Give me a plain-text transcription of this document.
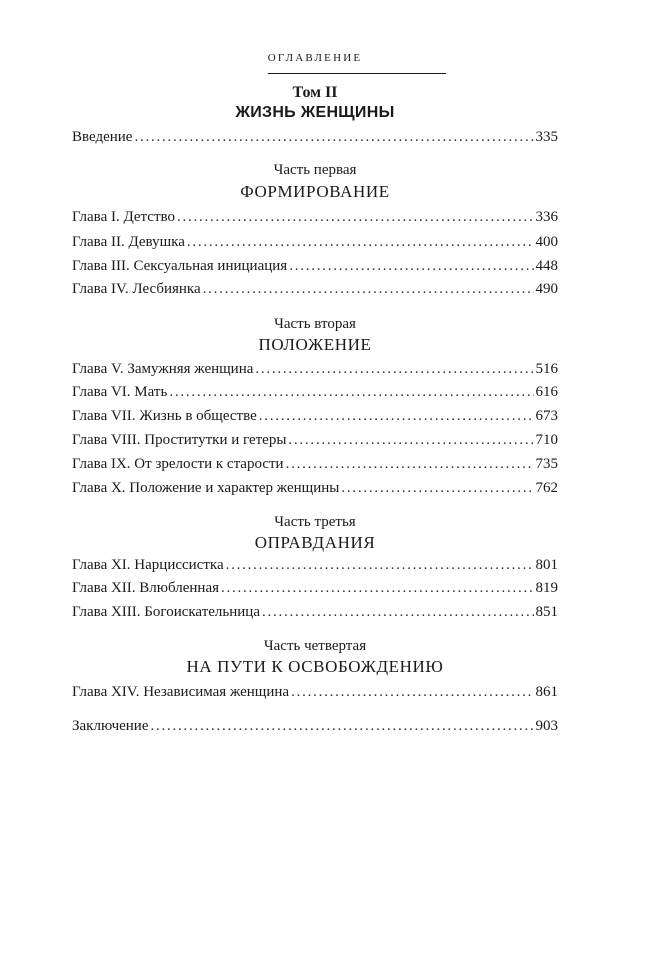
ОГЛАВЛЕНИЕ
Том II
ЖИЗНЬ ЖЕНЩИНЫ
Введение . . .	335
Часть первая
ФОРМИРОВАНИЕ
Глава I. Детство . . .	336
Глава II. Девушка . . .	400
Глава III. Сексуальная инициация . . .	448
Глава IV. Лесбиянка . . .	490
Часть вторая
ПОЛОЖЕНИЕ
Глава V. Замужняя женщина . . .	516
Глава VI. Мать . . .	616
Глава VII. Жизнь в обществе . . .	673
Глава VIII. Проститутки и гетеры . . .	710
Глава IX. От зрелости к старости . . .	735
Глава X. Положение и характер женщины . . .	762
Часть третья
ОПРАВДАНИЯ
Глава XI. Нарциссистка . . .	801
Глава XII. Влюбленная . . .	819
Глава XIII. Богоискательница . . .	851
Часть четвертая
НА ПУТИ К ОСВОБОЖДЕНИЮ
Глава XIV. Независимая женщина . . .	861
Заключение . . .	903
